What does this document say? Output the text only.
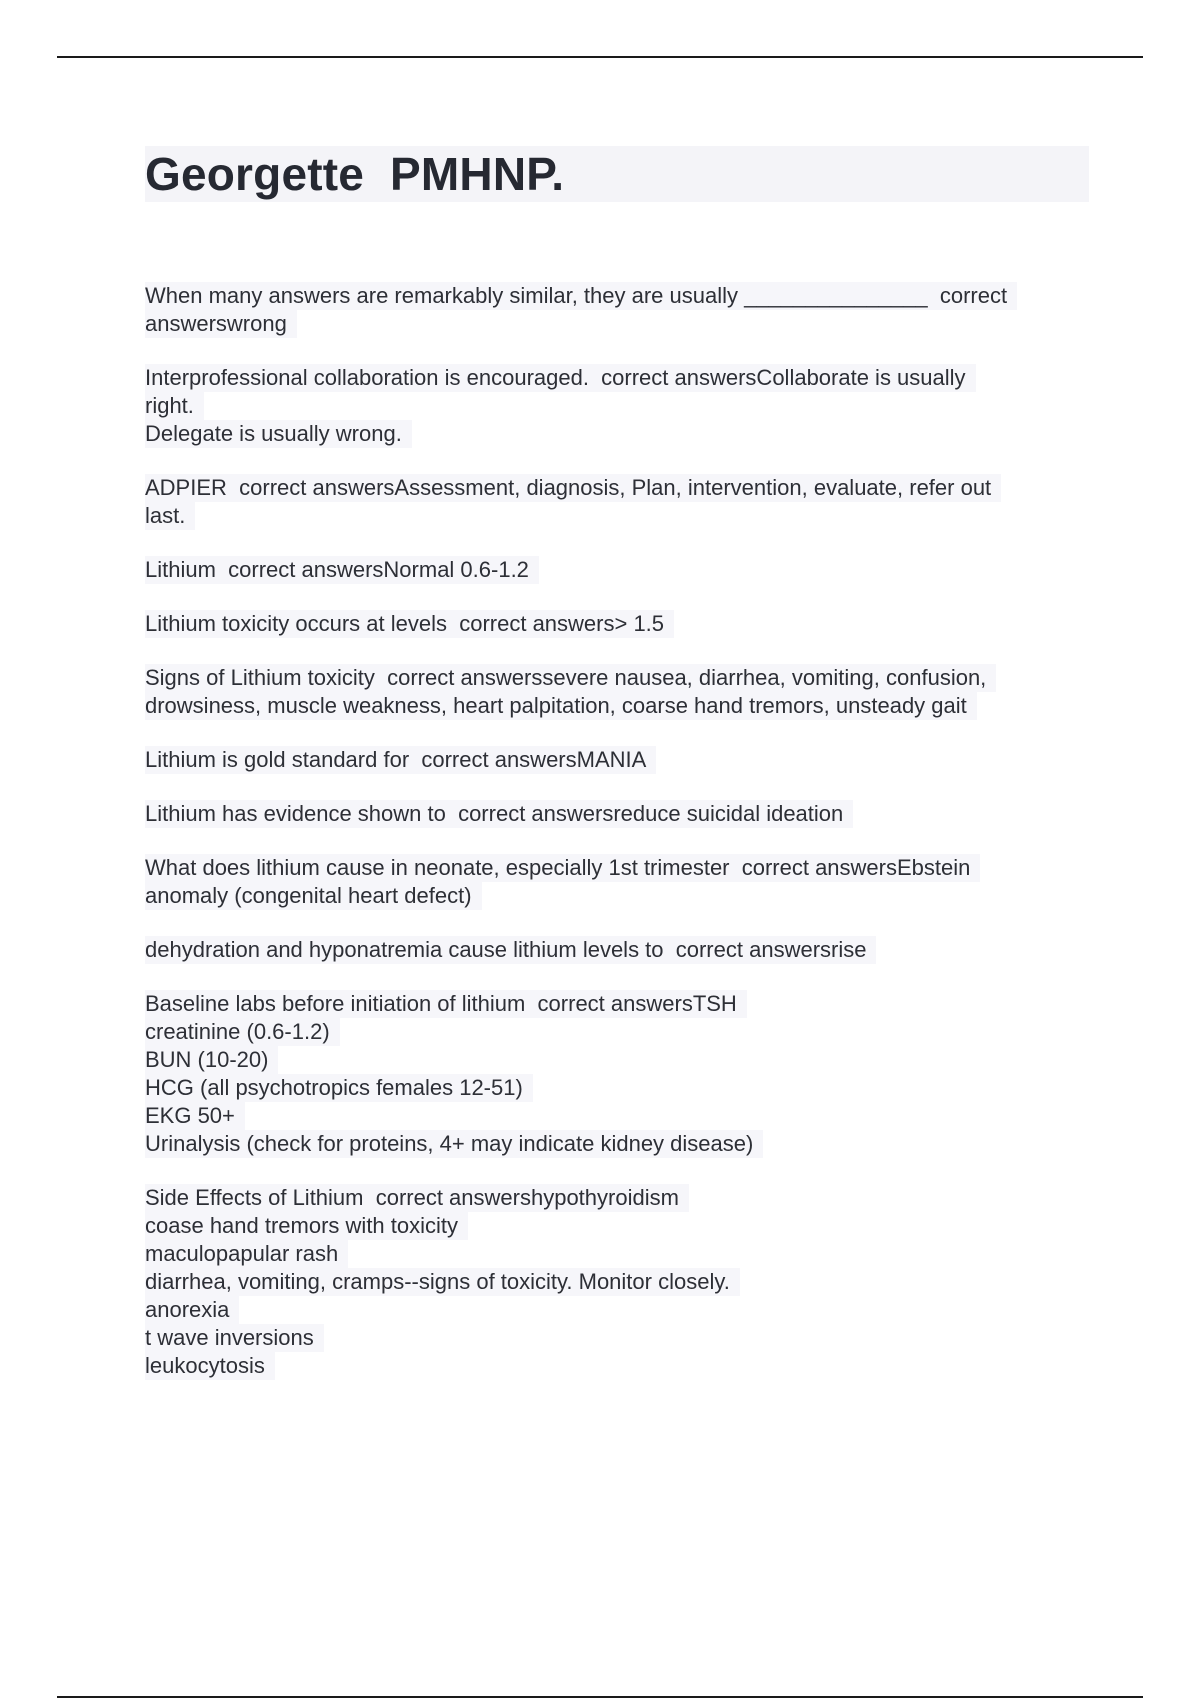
Georgette  PMHNP.
When many answers are remarkably similar, they are usually _______________  correct
answerswrong
Interprofessional collaboration is encouraged.  correct answersCollaborate is usually
right.
Delegate is usually wrong.
ADPIER  correct answersAssessment, diagnosis, Plan, intervention, evaluate, refer out
last.
Lithium  correct answersNormal 0.6-1.2
Lithium toxicity occurs at levels  correct answers> 1.5
Signs of Lithium toxicity  correct answerssevere nausea, diarrhea, vomiting, confusion,
drowsiness, muscle weakness, heart palpitation, coarse hand tremors, unsteady gait
Lithium is gold standard for  correct answersMANIA
Lithium has evidence shown to  correct answersreduce suicidal ideation
What does lithium cause in neonate, especially 1st trimester  correct answersEbstein
anomaly (congenital heart defect)
dehydration and hyponatremia cause lithium levels to  correct answersrise
Baseline labs before initiation of lithium  correct answersTSH
creatinine (0.6-1.2)
BUN (10-20)
HCG (all psychotropics females 12-51)
EKG 50+
Urinalysis (check for proteins, 4+ may indicate kidney disease)
Side Effects of Lithium  correct answershypothyroidism
coase hand tremors with toxicity
maculopapular rash
diarrhea, vomiting, cramps--signs of toxicity. Monitor closely.
anorexia
t wave inversions
leukocytosis
